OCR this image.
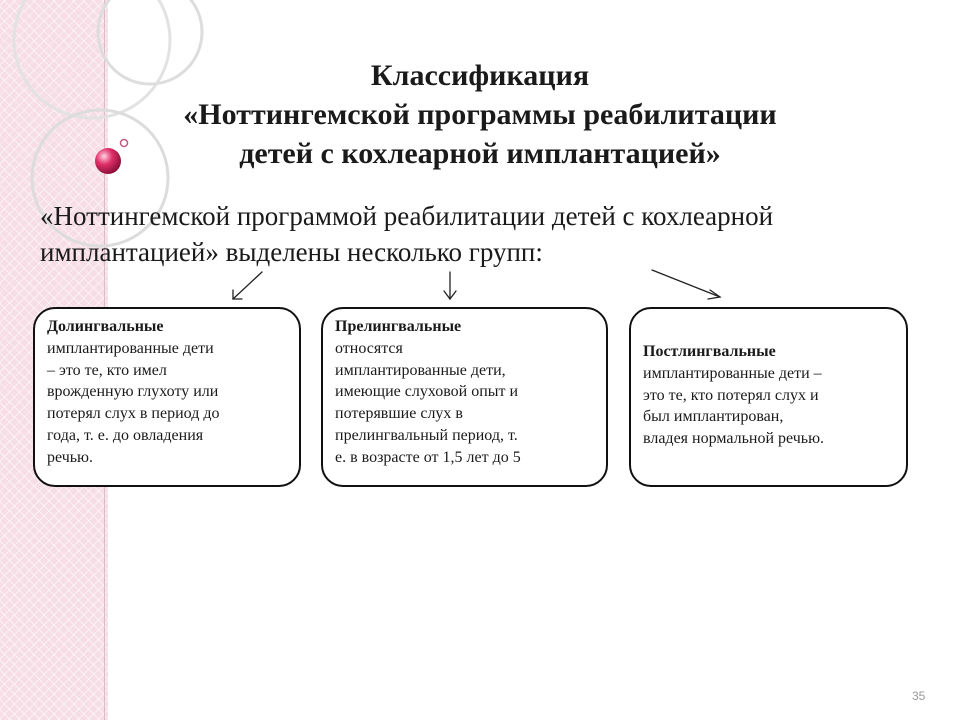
Классификация
«Ноттингемской программы реабилитации
детей с кохлеарной имплантацией»
«Ноттингемской программой реабилитации детей с кохлеарной
имплантацией» выделены несколько групп:
Долингвальные
имплантированные дети
– это те, кто имел
врожденную глухоту или
потерял слух в период до
года, т. е. до овладения
речью.
Прелингвальные
относятся
имплантированные дети,
имеющие слуховой опыт и
потерявшие слух в
прелингвальный период, т.
е. в возрасте от 1,5 лет до 5
Постлингвальные
имплантированные дети –
это те, кто потерял слух и
был имплантирован,
владея нормальной речью.
35
